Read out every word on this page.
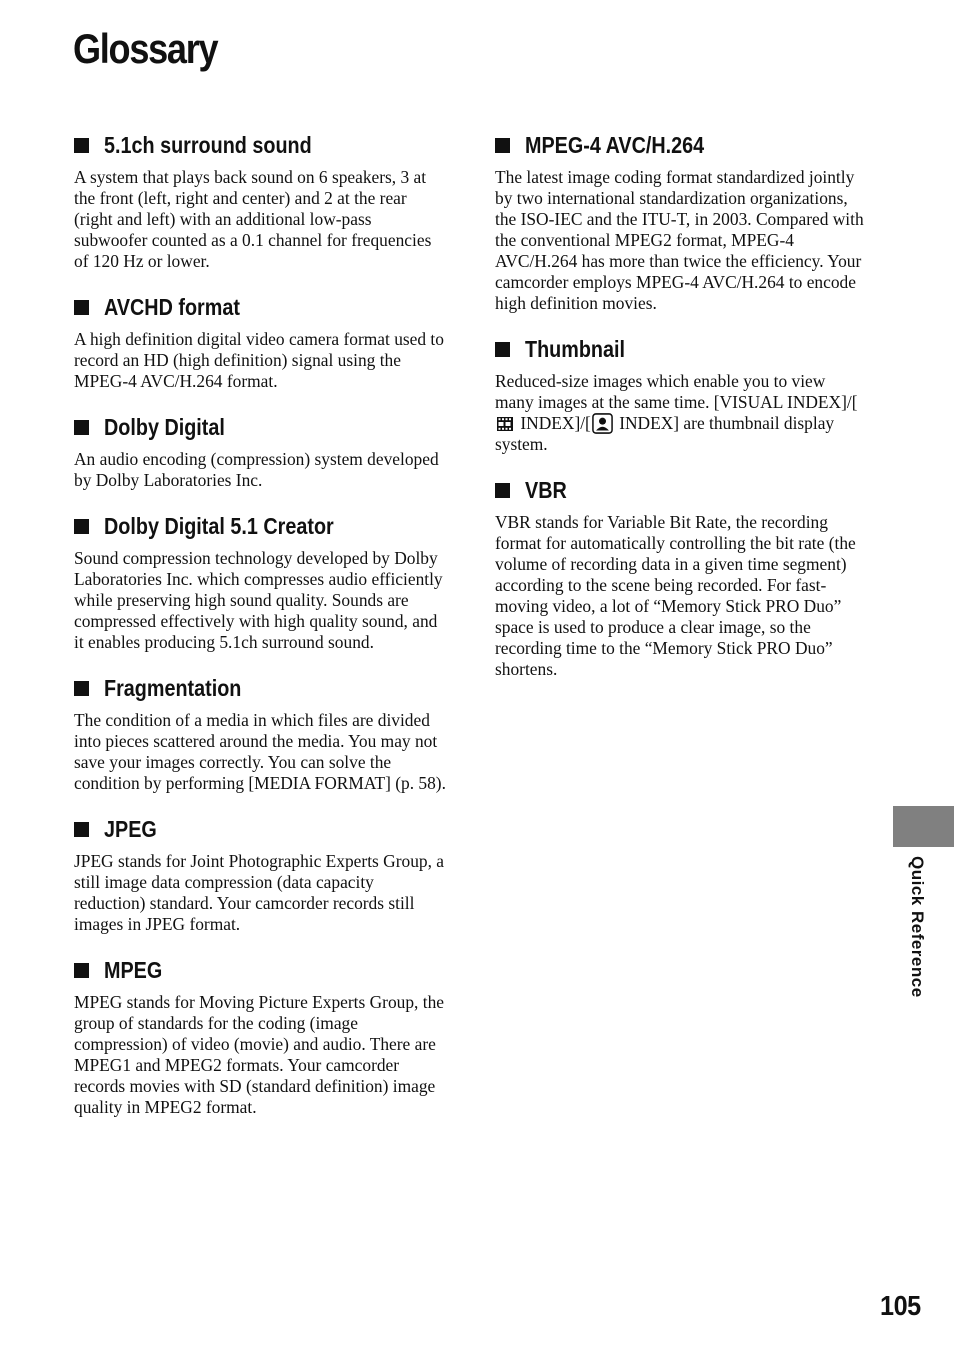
Glossary
5.1ch surround sound

A system that plays back sound on 6 speakers, 3 at the front (left, right and center) and 2 at the rear (right and left) with an additional low-pass subwoofer counted as a 0.1 channel for frequencies of 120 Hz or lower.

AVCHD format

A high definition digital video camera format used to record an HD (high definition) signal using the MPEG-4 AVC/H.264 format.

Dolby Digital

An audio encoding (compression) system developed by Dolby Laboratories Inc.

Dolby Digital 5.1 Creator

Sound compression technology developed by Dolby Laboratories Inc. which compresses audio efficiently while preserving high sound quality. Sounds are compressed effectively with high quality sound, and it enables producing 5.1ch surround sound.

Fragmentation

The condition of a media in which files are divided into pieces scattered around the media. You may not save your images correctly. You can solve the condition by performing [MEDIA FORMAT] (p. 58).

JPEG

JPEG stands for Joint Photographic Experts Group, a still image data compression (data capacity reduction) standard. Your camcorder records still images in JPEG format.

MPEG

MPEG stands for Moving Picture Experts Group, the group of standards for the coding (image compression) of video (movie) and audio. There are MPEG1 and MPEG2 formats. Your camcorder records movies with SD (standard definition) image quality in MPEG2 format.

MPEG-4 AVC/H.264

The latest image coding format standardized jointly by two international standardization organizations, the ISO-IEC and the ITU-T, in 2003. Compared with the conventional MPEG2 format, MPEG-4 AVC/H.264 has more than twice the efficiency. Your camcorder employs MPEG-4 AVC/H.264 to encode high definition movies.

Thumbnail

Reduced-size images which enable you to view many images at the same time. [VISUAL INDEX]/[ INDEX]/[ INDEX] are thumbnail display system.

VBR

VBR stands for Variable Bit Rate, the recording format for automatically controlling the bit rate (the volume of recording data in a given time segment) according to the scene being recorded. For fast-moving video, a lot of “Memory Stick PRO Duo” space is used to produce a clear image, so the recording time to the “Memory Stick PRO Duo” shortens.

Quick Reference
105
